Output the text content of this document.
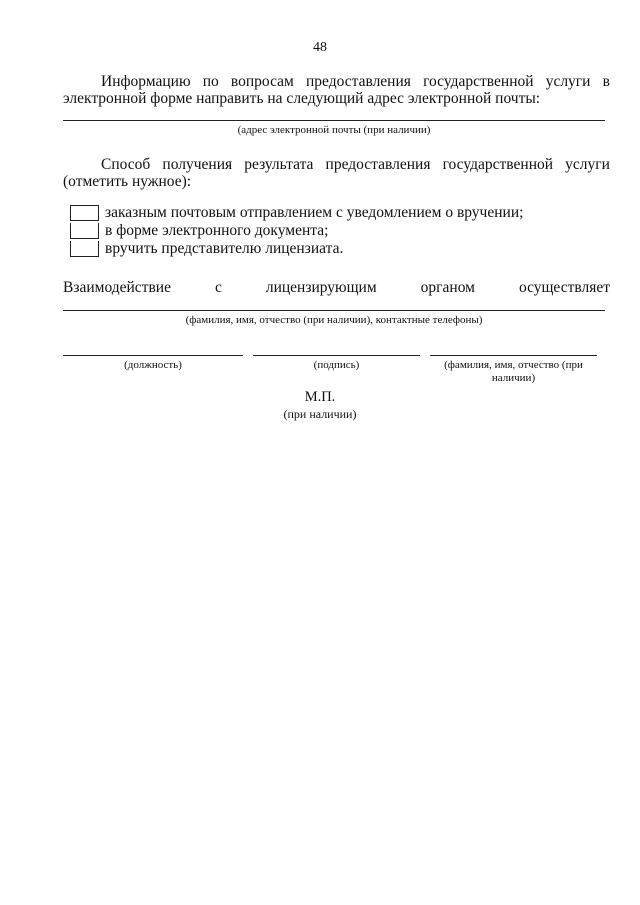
48
Информацию по вопросам предоставления государственной услуги в
электронной форме направить на следующий адрес электронной почты:
(адрес электронной почты (при наличии)
Способ получения результата предоставления государственной услуги
(отметить нужное):
заказным почтовым отправлением с уведомлением о вручении;
в форме электронного документа;
вручить представителю лицензиата.
Взаимодействие	с	лицензирующим	органом	осуществляет
(фамилия, имя, отчество (при наличии), контактные телефоны)
(должность)	(подпись)	(фамилия, имя, отчество (при
наличии)
М.П.
(при наличии)
